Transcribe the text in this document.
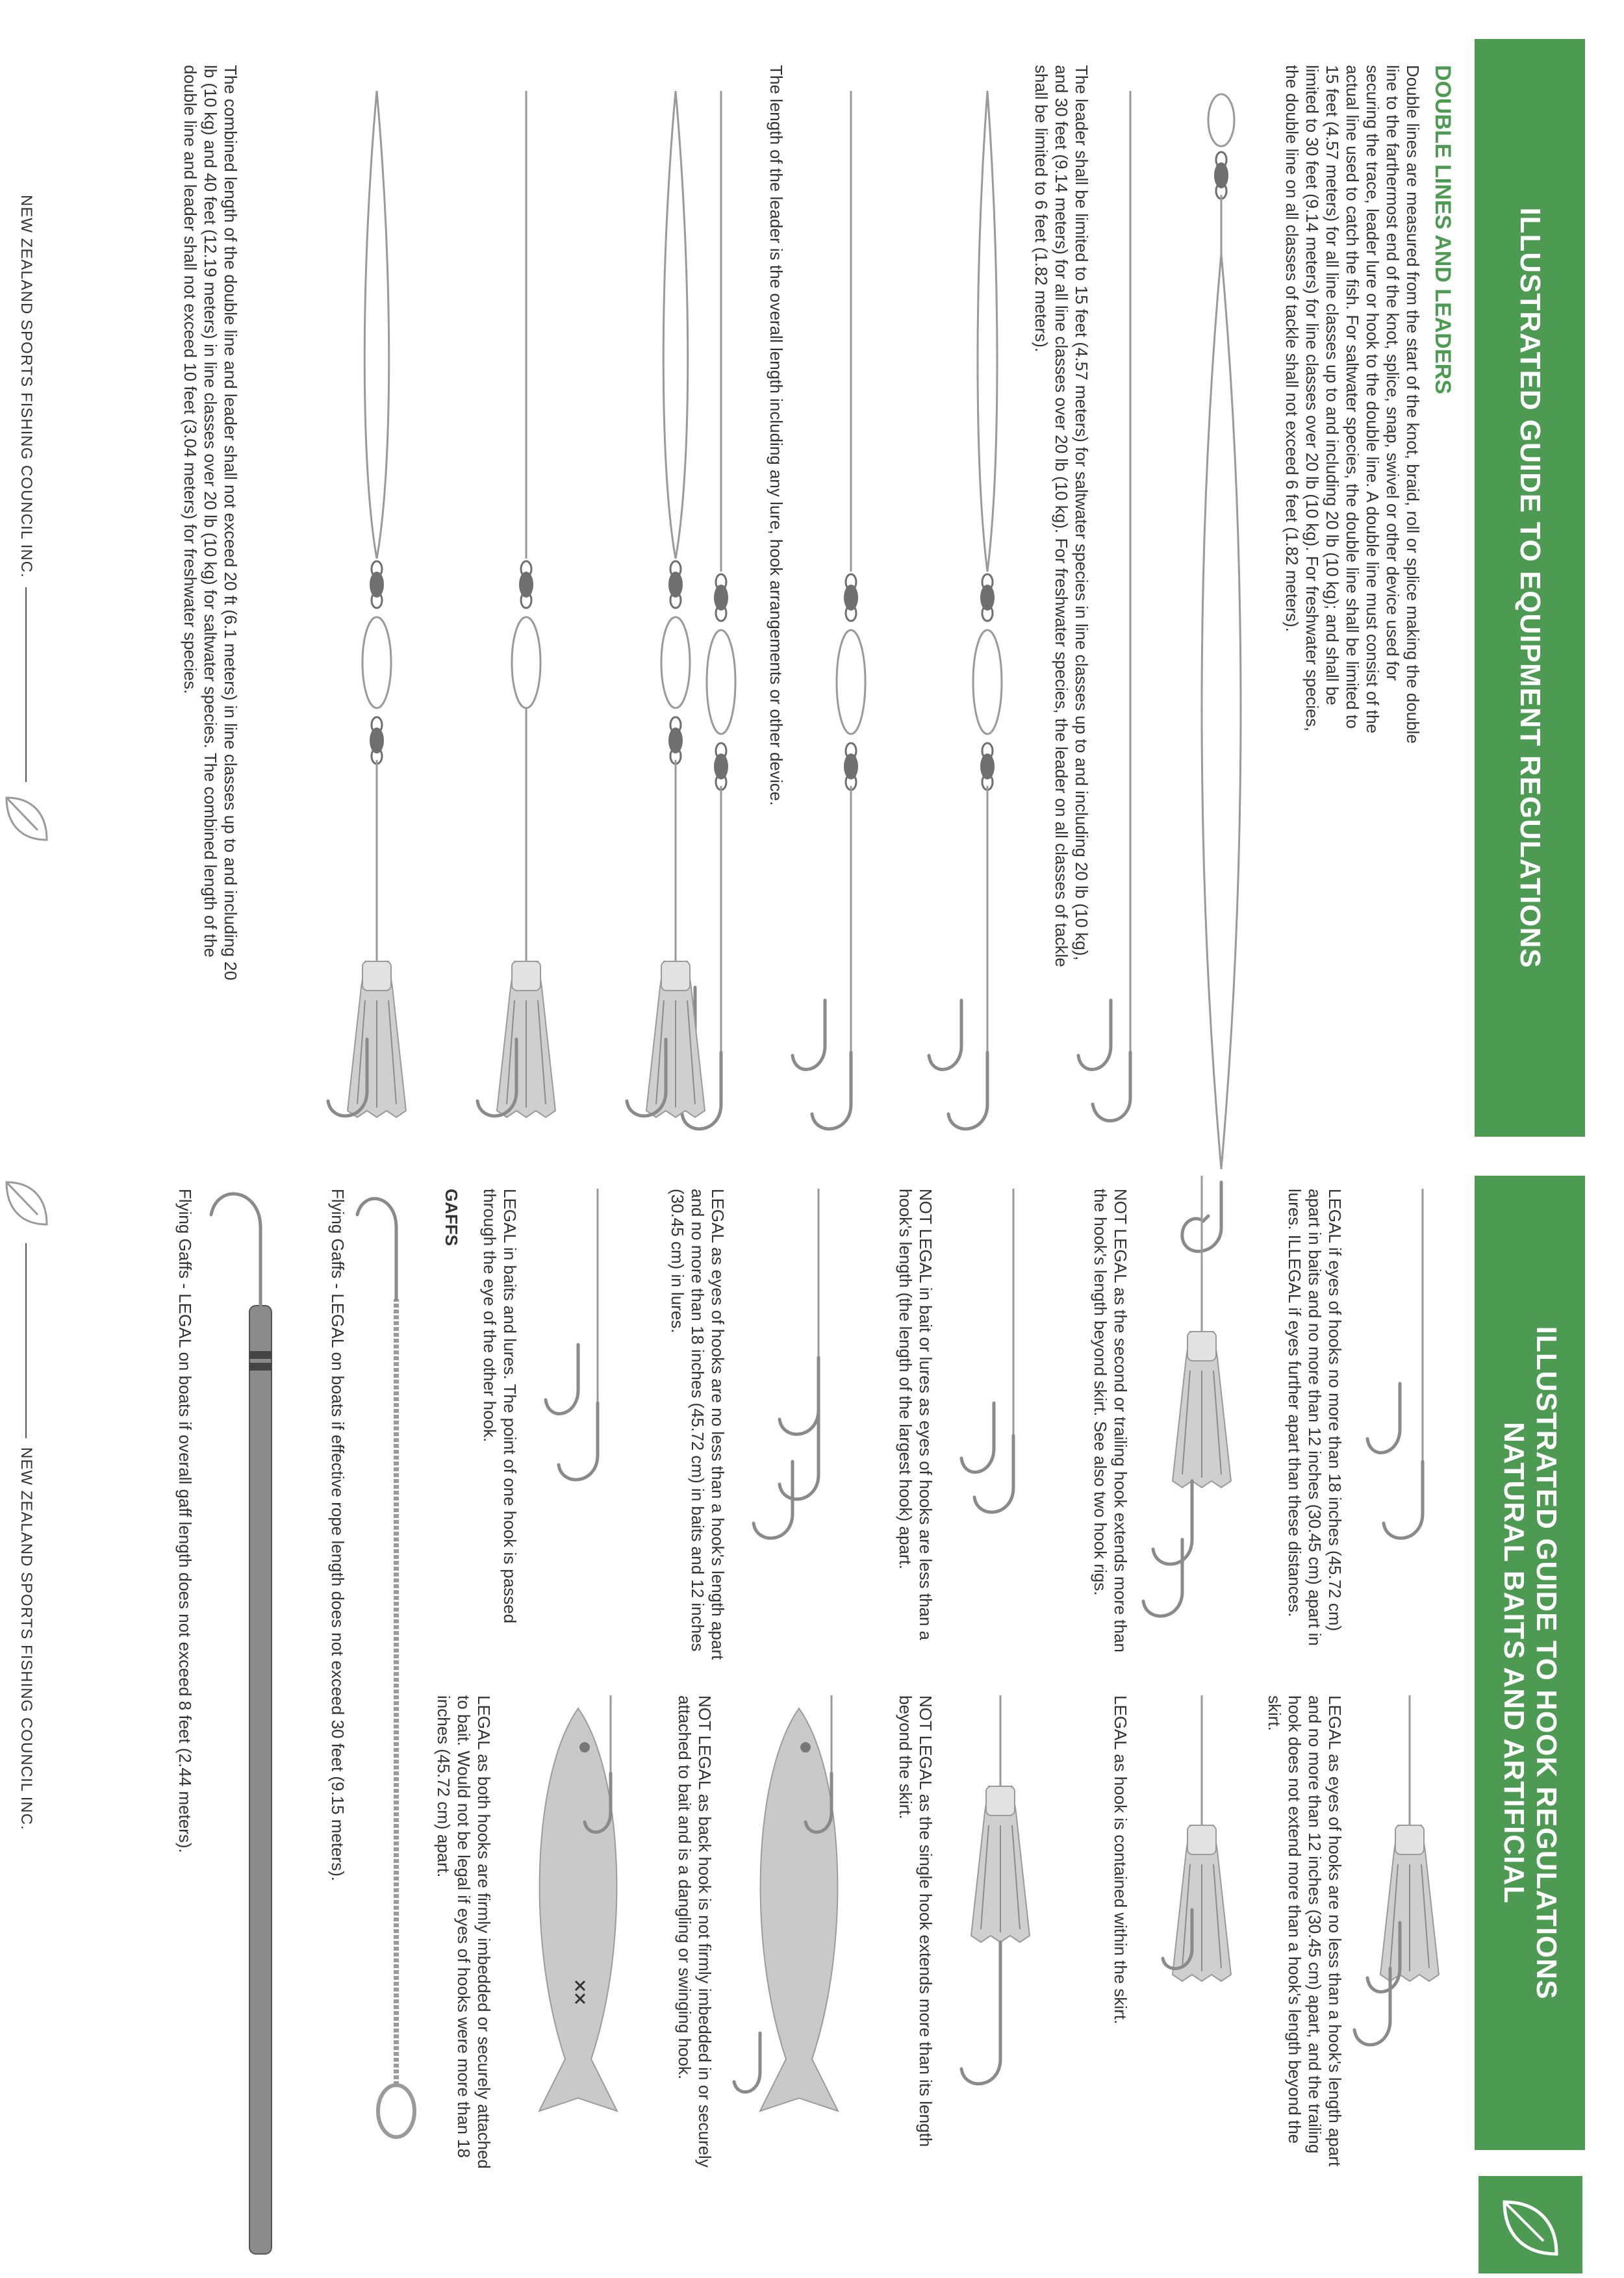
ILLUSTRATED GUIDE TO EQUIPMENT REGULATIONS
DOUBLE LINES AND LEADERS

Double lines are measured from the start of the knot, braid, roll or splice making the double line to the farthermost end of the knot, splice, snap, swivel or other device used for securing the trace, leader lure or hook to the double line. A double line must consist of the actual line used to catch the fish. For saltwater species, the double line shall be limited to 15 feet (4.57 meters) for all line classes up to and including 20 lb (10 kg); and shall be limited to 30 feet (9.14 meters) for line classes over 20 lb (10 kg). For freshwater species, the double line on all classes of tackle shall not exceed 6 feet (1.82 meters).

The leader shall be limited to 15 feet (4.57 meters) for saltwater species in line classes up to and including 20 lb (10 kg), and 30 feet (9.14 meters) for all line classes over 20 lb (10 kg). For freshwater species, the leader on all classes of tackle shall be limited to 6 feet (1.82 meters).

The length of the leader is the overall length including any lure, hook arrangements or other device.

The combined length of the double line and leader shall not exceed 20 ft (6.1 meters) in line classes up to and including 20 lb (10 kg) and 40 feet (12.19 meters) in line classes over 20 lb (10 kg) for saltwater species. The combined length of the double line and leader shall not exceed 10 feet (3.04 meters) for freshwater species.

NEW ZEALAND SPORTS FISHING COUNCIL INC.
ILLUSTRATED GUIDE TO HOOK REGULATIONS
NATURAL BAITS AND ARTIFICIAL

LEGAL if eyes of hooks no more than 18 inches (45.72 cm) apart in baits and no more than 12 inches (30.45 cm) apart in lures. ILLEGAL if eyes further apart than these distances.

NOT LEGAL as the second or trailing hook extends more than the hook's length beyond skirt. See also two hook rigs.

NOT LEGAL in bait or lures as eyes of hooks are less than a hook's length (the length of the largest hook) apart.

LEGAL as eyes of hooks are no less than a hook's length apart and no more than 18 inches (45.72 cm) in baits and 12 inches (30.45 cm) in lures.

LEGAL in baits and lures. The point of one hook is passed through the eye of the other hook.

GAFFS

Flying Gaffs - LEGAL on boats if effective rope length does not exceed 30 feet (9.15 meters).

Flying Gaffs - LEGAL on boats if overall gaff length does not exceed 8 feet (2.44 meters).

LEGAL as eyes of hooks are no less than a hook's length apart and no more than 12 inches (30.45 cm) apart, and the trailing hook does not extend more than a hook's length beyond the skirt.

LEGAL as hook is contained within the skirt.

NOT LEGAL as the single hook extends more than its length beyond the skirt.

NOT LEGAL as back hook is not firmly imbedded in or securely attached to bait and is a dangling or swinging hook.

LEGAL as both hooks are firmly imbedded or securely attached to bait. Would not be legal if eyes of hooks were more than 18 inches (45.72 cm) apart.

NEW ZEALAND SPORTS FISHING COUNCIL INC.
